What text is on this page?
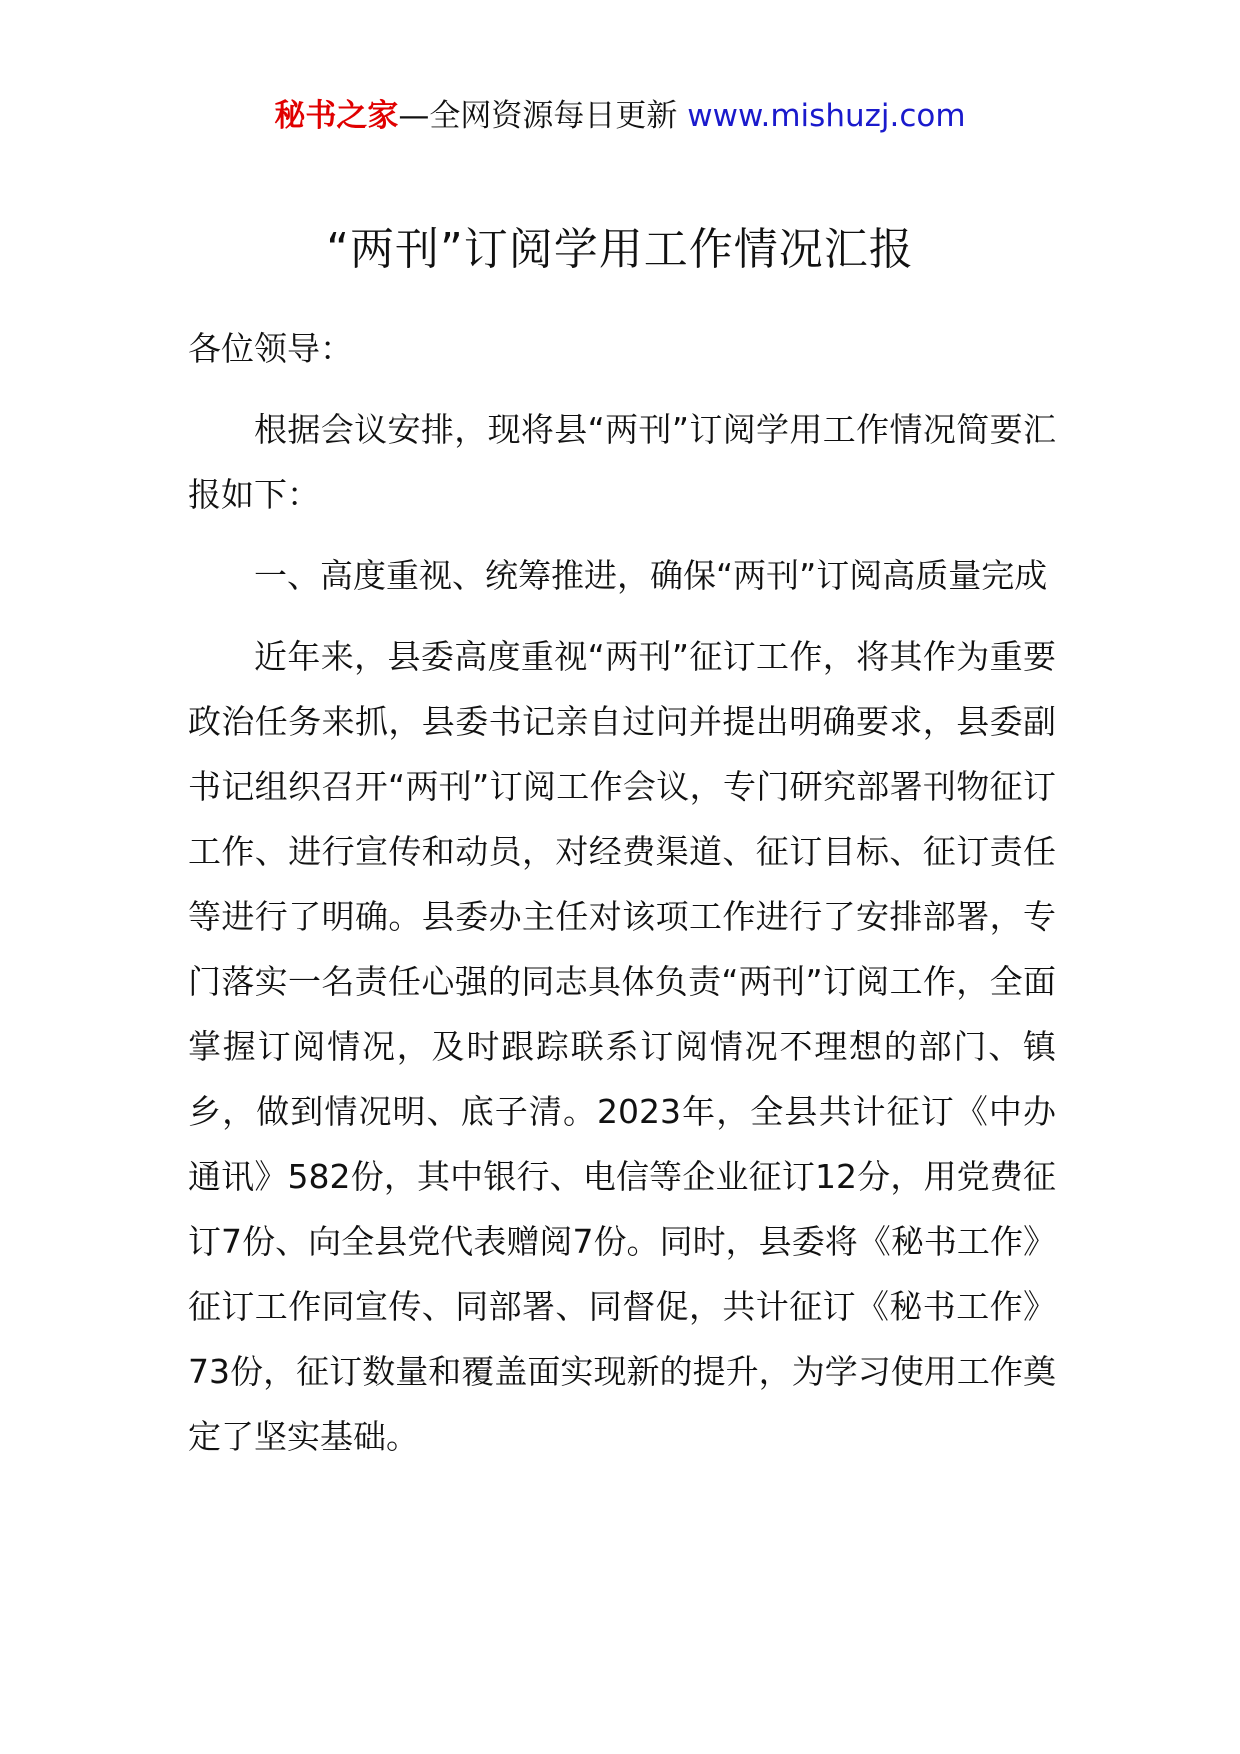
秘书之家—全网资源每日更新 www.mishuzj.com
“两刊”订阅学用工作情况汇报

各位领导：

根据会议安排，现将县“两刊”订阅学用工作情况简要汇报如下：

一、高度重视、统筹推进，确保“两刊”订阅高质量完成

近年来，县委高度重视“两刊”征订工作，将其作为重要政治任务来抓，县委书记亲自过问并提出明确要求，县委副书记组织召开“两刊”订阅工作会议，专门研究部署刊物征订工作、进行宣传和动员，对经费渠道、征订目标、征订责任等进行了明确。县委办主任对该项工作进行了安排部署，专门落实一名责任心强的同志具体负责“两刊”订阅工作，全面掌握订阅情况，及时跟踪联系订阅情况不理想的部门、镇乡，做到情况明、底子清。2023年，全县共计征订《中办通讯》582份，其中银行、电信等企业征订12分，用党费征订7份、向全县党代表赠阅7份。同时，县委将《秘书工作》征订工作同宣传、同部署、同督促，共计征订《秘书工作》73份，征订数量和覆盖面实现新的提升，为学习使用工作奠定了坚实基础。
